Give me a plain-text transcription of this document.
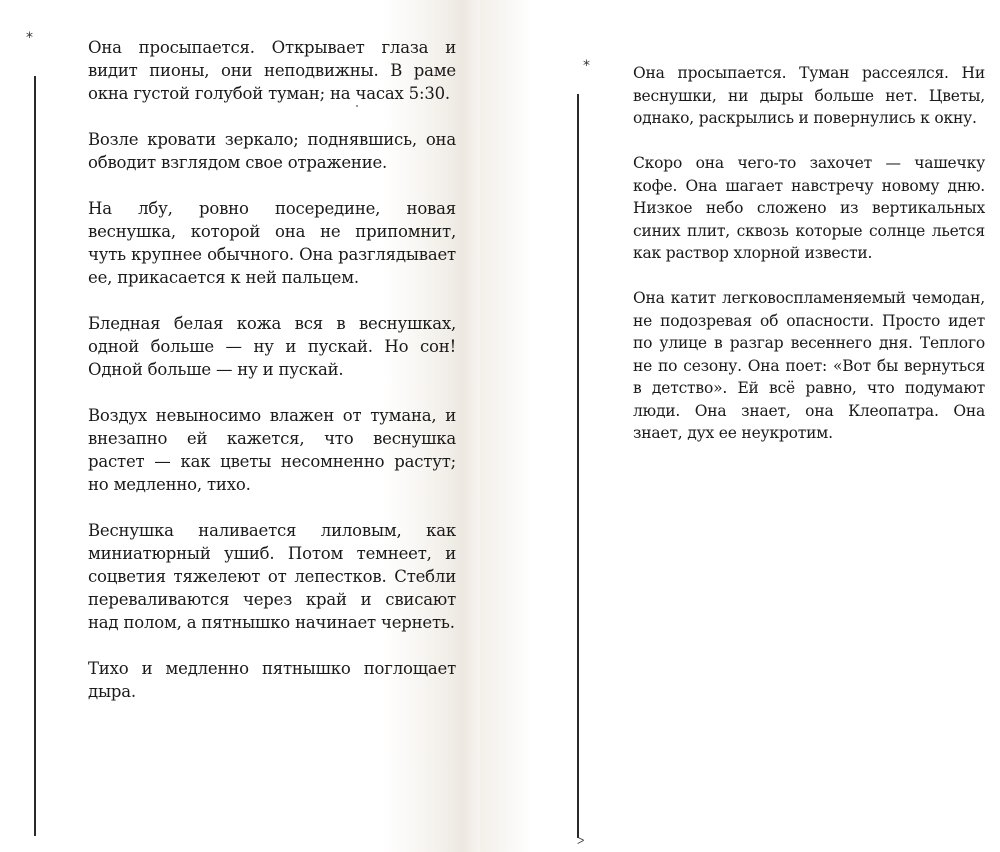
*	Она просыпается. Открывает глаза и видит пионы, они неподвижны. В раме окна густой голубой туман; на часах 5:30.

Возле кровати зеркало; поднявшись, она обводит взглядом свое отражение.

На лбу, ровно посередине, новая веснушка, которой она не припомнит, чуть крупнее обычного. Она разглядывает ее, прикасается к ней пальцем.

Бледная белая кожа вся в веснушках, одной больше — ну и пускай. Но сон! Одной больше — ну и пускай.

Воздух невыносимо влажен от тумана, и внезапно ей кажется, что веснушка растет — как цветы несомненно растут; но медленно, тихо.

Веснушка наливается лиловым, как миниатюрный ушиб. Потом темнеет, и соцветия тяжелеют от лепестков. Стебли переваливаются через край и свисают над полом, а пятнышко начинает чернеть.

Тихо и медленно пятнышко поглощает дыра.

*
ᐳ

Она просыпается. Туман рассеялся. Ни веснушки, ни дыры больше нет. Цветы, однако, раскрылись и повернулись к окну.

Скоро она чего-то захочет — чашечку кофе. Она шагает навстречу новому дню. Низкое небо сложено из вертикальных синих плит, сквозь которые солнце льется как раствор хлорной извести.

Она катит легковоспламеняемый чемодан, не подозревая об опасности. Просто идет по улице в разгар весеннего дня. Теплого не по сезону. Она поет: «Вот бы вернуться в детство». Ей всё равно, что подумают люди. Она знает, она Клеопатра. Она знает, дух ее неукротим.
